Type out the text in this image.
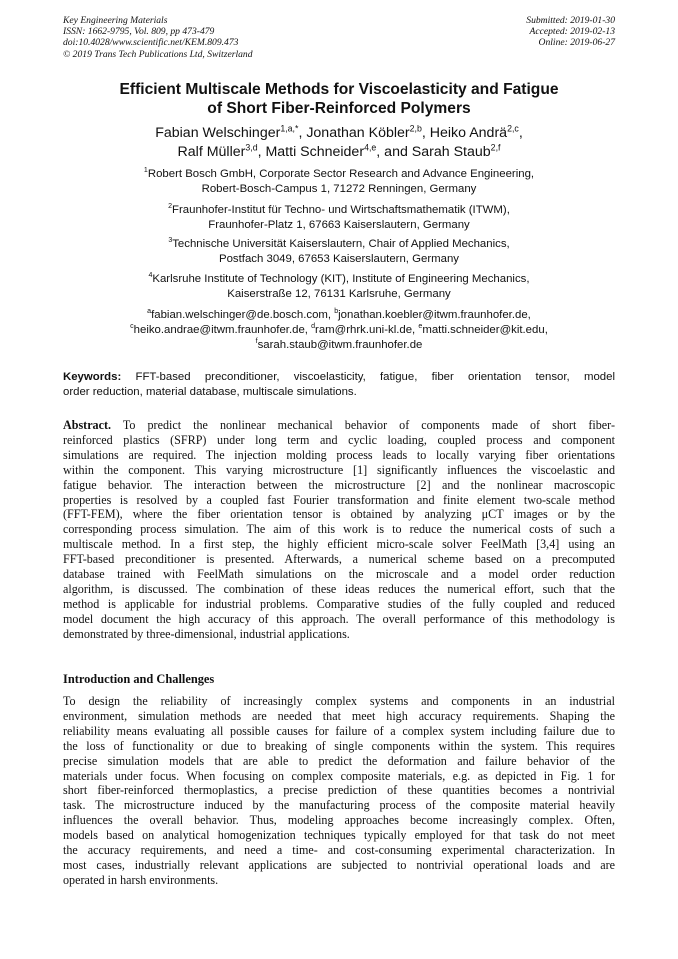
Key Engineering Materials
ISSN: 1662-9795, Vol. 809, pp 473-479
doi:10.4028/www.scientific.net/KEM.809.473
© 2019 Trans Tech Publications Ltd, Switzerland
Submitted: 2019-01-30
Accepted: 2019-02-13
Online: 2019-06-27
Efficient Multiscale Methods for Viscoelasticity and Fatigue
of Short Fiber-Reinforced Polymers
Fabian Welschinger$^{1,a,*}$, Jonathan Köbler$^{2,b}$, Heiko Andrä$^{2,c}$,
Ralf Müller$^{3,d}$, Matti Schneider$^{4,e}$, and Sarah Staub$^{2,f}$
$^1$Robert Bosch GmbH, Corporate Sector Research and Advance Engineering,
Robert-Bosch-Campus 1, 71272 Renningen, Germany
$^2$Fraunhofer-Institut für Techno- und Wirtschaftsmathematik (ITWM),
Fraunhofer-Platz 1, 67663 Kaiserslautern, Germany
$^3$Technische Universität Kaiserslautern, Chair of Applied Mechanics,
Postfach 3049, 67653 Kaiserslautern, Germany
$^4$Karlsruhe Institute of Technology (KIT), Institute of Engineering Mechanics,
Kaiserstraße 12, 76131 Karlsruhe, Germany
$^a$fabian.welschinger@de.bosch.com, $^b$jonathan.koebler@itwm.fraunhofer.de,
$^c$heiko.andrae@itwm.fraunhofer.de, $^d$ram@rhrk.uni-kl.de, $^e$matti.schneider@kit.edu,
$^f$sarah.staub@itwm.fraunhofer.de
Keywords: FFT-based preconditioner, viscoelasticity, fatigue, fiber orientation tensor, model
order reduction, material database, multiscale simulations.
Abstract. To predict the nonlinear mechanical behavior of components made of short fiber-
reinforced plastics (SFRP) under long term and cyclic loading, coupled process and component
simulations are required. The injection molding process leads to locally varying fiber orientations
within the component. This varying microstructure [1] significantly influences the viscoelastic and
fatigue behavior. The interaction between the microstructure [2] and the nonlinear macroscopic
properties is resolved by a coupled fast Fourier transformation and finite element two-scale method
(FFT-FEM), where the fiber orientation tensor is obtained by analyzing μCT images or by the
corresponding process simulation. The aim of this work is to reduce the numerical costs of such a
multiscale method. In a first step, the highly efficient micro-scale solver FeelMath [3,4] using an
FFT-based preconditioner is presented. Afterwards, a numerical scheme based on a precomputed
database trained with FeelMath simulations on the microscale and a model order reduction
algorithm, is discussed. The combination of these ideas reduces the numerical effort, such that the
method is applicable for industrial problems. Comparative studies of the fully coupled and reduced
model document the high accuracy of this approach. The overall performance of this methodology is
demonstrated by three-dimensional, industrial applications.
Introduction and Challenges
To design the reliability of increasingly complex systems and components in an industrial
environment, simulation methods are needed that meet high accuracy requirements. Shaping the
reliability means evaluating all possible causes for failure of a complex system including failure due to
the loss of functionality or due to breaking of single components within the system. This requires
precise simulation models that are able to predict the deformation and failure behavior of the
materials under focus. When focusing on complex composite materials, e.g. as depicted in Fig. 1 for
short fiber-reinforced thermoplastics, a precise prediction of these quantities becomes a nontrivial
task. The microstructure induced by the manufacturing process of the composite material heavily
influences the overall behavior. Thus, modeling approaches become increasingly complex. Often,
models based on analytical homogenization techniques typically employed for that task do not meet
the accuracy requirements, and need a time- and cost-consuming experimental characterization. In
most cases, industrially relevant applications are subjected to nontrivial operational loads and are
operated in harsh environments.
